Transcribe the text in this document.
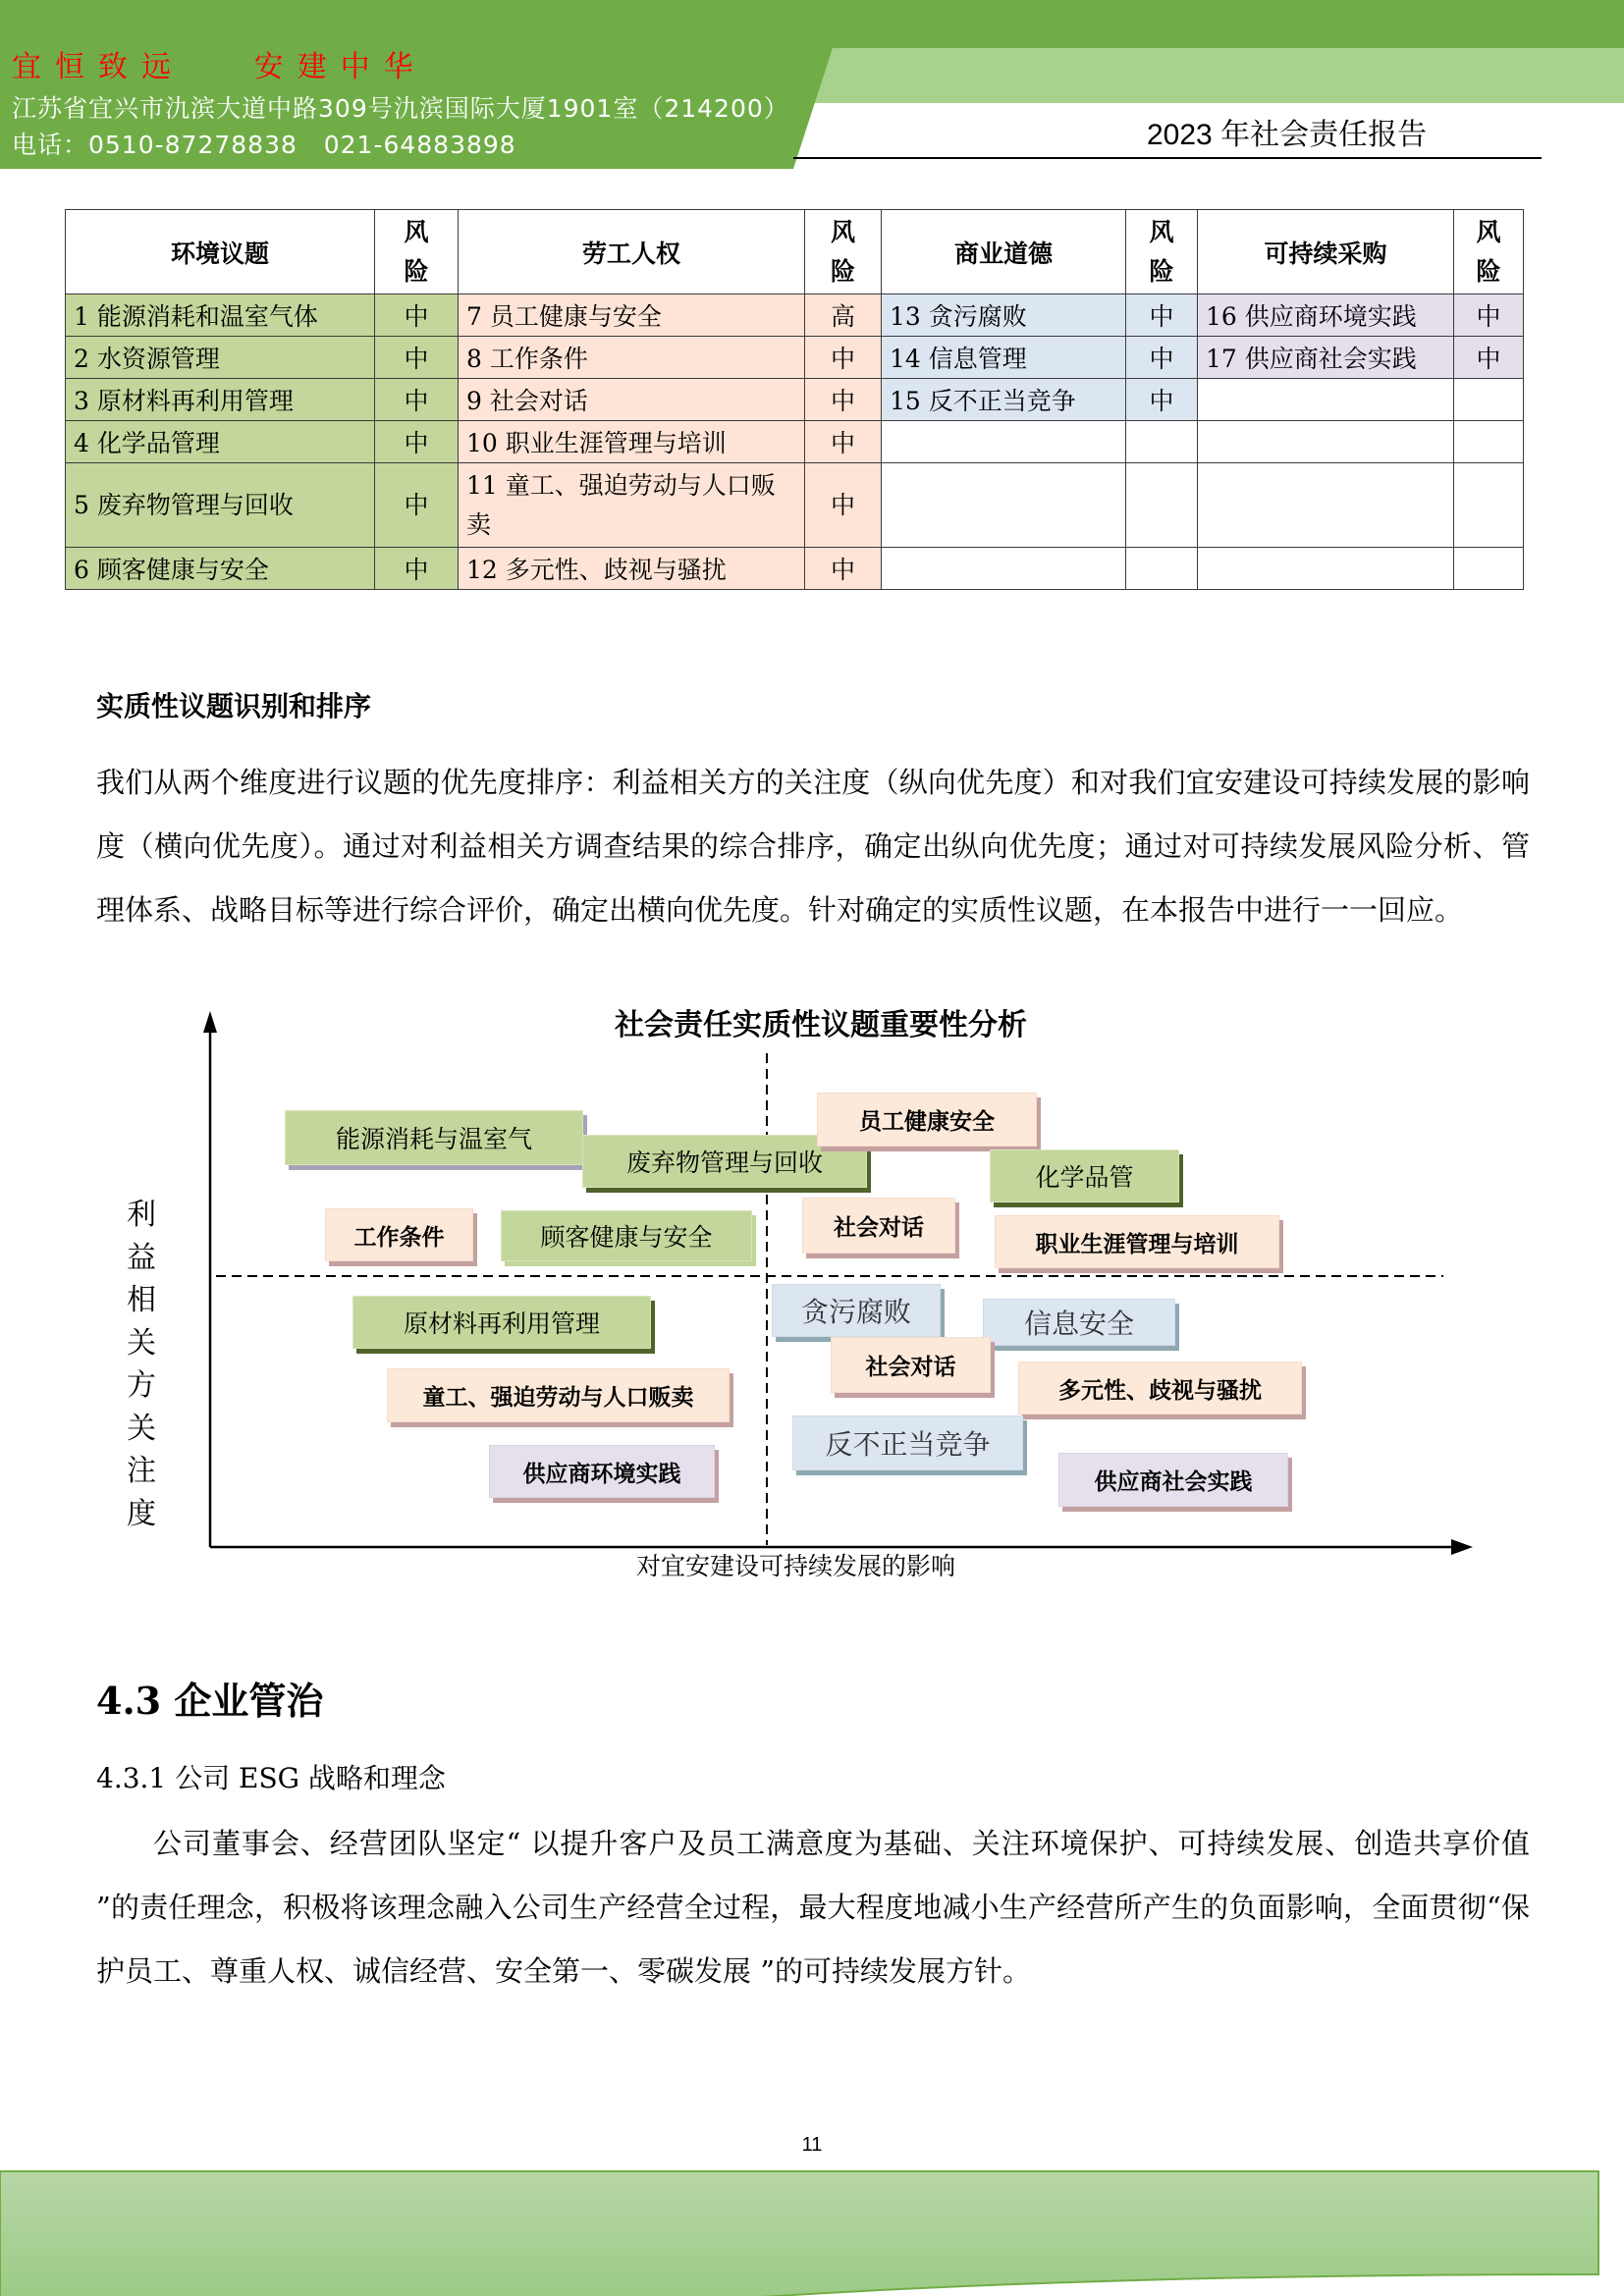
宜恒致远   安建中华
江苏省宜兴市氿滨大道中路309号氿滨国际大厦1901室（214200）
电话：0510-87278838   021-64883898	2023 年社会责任报告
环境议题	风险	劳工人权	风险	商业道德	风险	可持续采购	风险
1 能源消耗和温室气体	中	7 员工健康与安全	高	13 贪污腐败	中	16 供应商环境实践	中
2 水资源管理	中	8 工作条件	中	14 信息管理	中	17 供应商社会实践	中
3 原材料再利用管理	中	9 社会对话	中	15 反不正当竞争	中		
4 化学品管理	中	10 职业生涯管理与培训	中				
5 废弃物管理与回收	中	11 童工、强迫劳动与人口贩卖	中				
6 顾客健康与安全	中	12 多元性、歧视与骚扰	中				
实质性议题识别和排序
我们从两个维度进行议题的优先度排序：利益相关方的关注度（纵向优先度）和对我们宜安建设可持续发展的影响度（横向优先度）。通过对利益相关方调查结果的综合排序，确定出纵向优先度；通过对可持续发展风险分析、管理体系、战略目标等进行综合评价，确定出横向优先度。针对确定的实质性议题，在本报告中进行一一回应。
社会责任实质性议题重要性分析
利
益
相
关
方
关
注
度
对宜安建设可持续发展的影响
能源消耗与温室气
废弃物管理与回收
员工健康安全
化学品管
工作条件	顾客健康与安全	社会对话
职业生涯管理与培训
原材料再利用管理
童工、强迫劳动与人口贩卖
供应商环境实践
贪污腐败	信息安全
社会对话
多元性、歧视与骚扰
反不正当竞争
供应商社会实践
4.3 企业管治
4.3.1 公司 ESG 战略和理念
公司董事会、经营团队坚定“ 以提升客户及员工满意度为基础、关注环境保护、可持续发展、创造共享价值 ”的责任理念，积极将该理念融入公司生产经营全过程，最大程度地减小生产经营所产生的负面影响，全面贯彻“保护员工、尊重人权、诚信经营、安全第一、零碳发展 ”的可持续发展方针。
11
